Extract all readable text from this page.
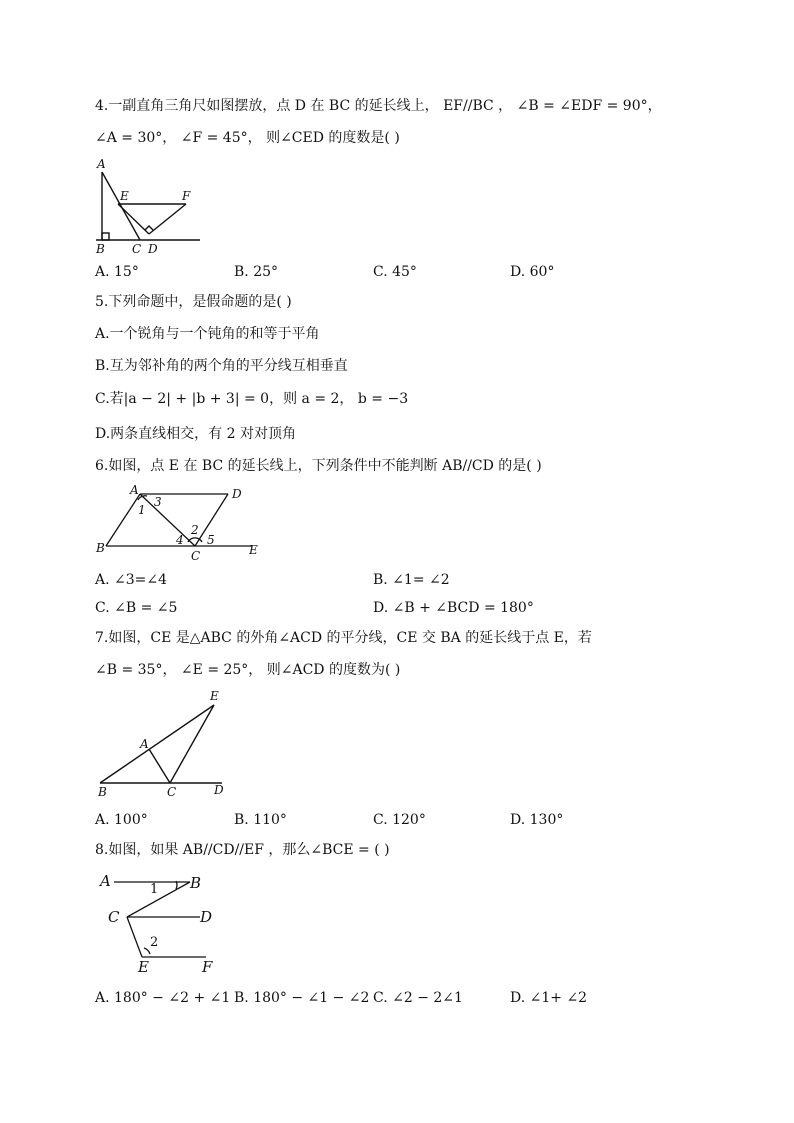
4.一副直角三角尺如图摆放，点 D 在 BC 的延长线上， EF//BC ， ∠B = ∠EDF = 90°，
∠A = 30°， ∠F = 45°， 则∠CED 的度数是( )
A
E	F
B C D
A. 15°	B. 25°	C. 45°	D. 60°
5.下列命题中，是假命题的是( )
A.一个锐角与一个钝角的和等于平角
B.互为邻补角的两个角的平分线互相垂直
C.若|a − 2| + |b + 3| = 0，则 a = 2， b = −3
D.两条直线相交，有 2 对对顶角
6.如图，点 E 在 BC 的延长线上，下列条件中不能判断 AB//CD 的是( )
A	D
B
C	E
1
2
3
4 5
A. ∠3=∠4	B. ∠1= ∠2
C. ∠B = ∠5	D. ∠B + ∠BCD = 180°
7.如图，CE 是△ABC 的外角∠ACD 的平分线，CE 交 BA 的延长线于点 E，若
∠B = 35°， ∠E = 25°， 则∠ACD 的度数为( )
E
A
B	C	D
A. 100°	B. 110°	C. 120°	D. 130°
8.如图，如果 AB//CD//EF ，那么∠BCE = ( )
A	B
C	D
E	F
1
2
A. 180° − ∠2 + ∠1 B. 180° − ∠1 − ∠2 C. ∠2 − 2∠1	D. ∠1+ ∠2
